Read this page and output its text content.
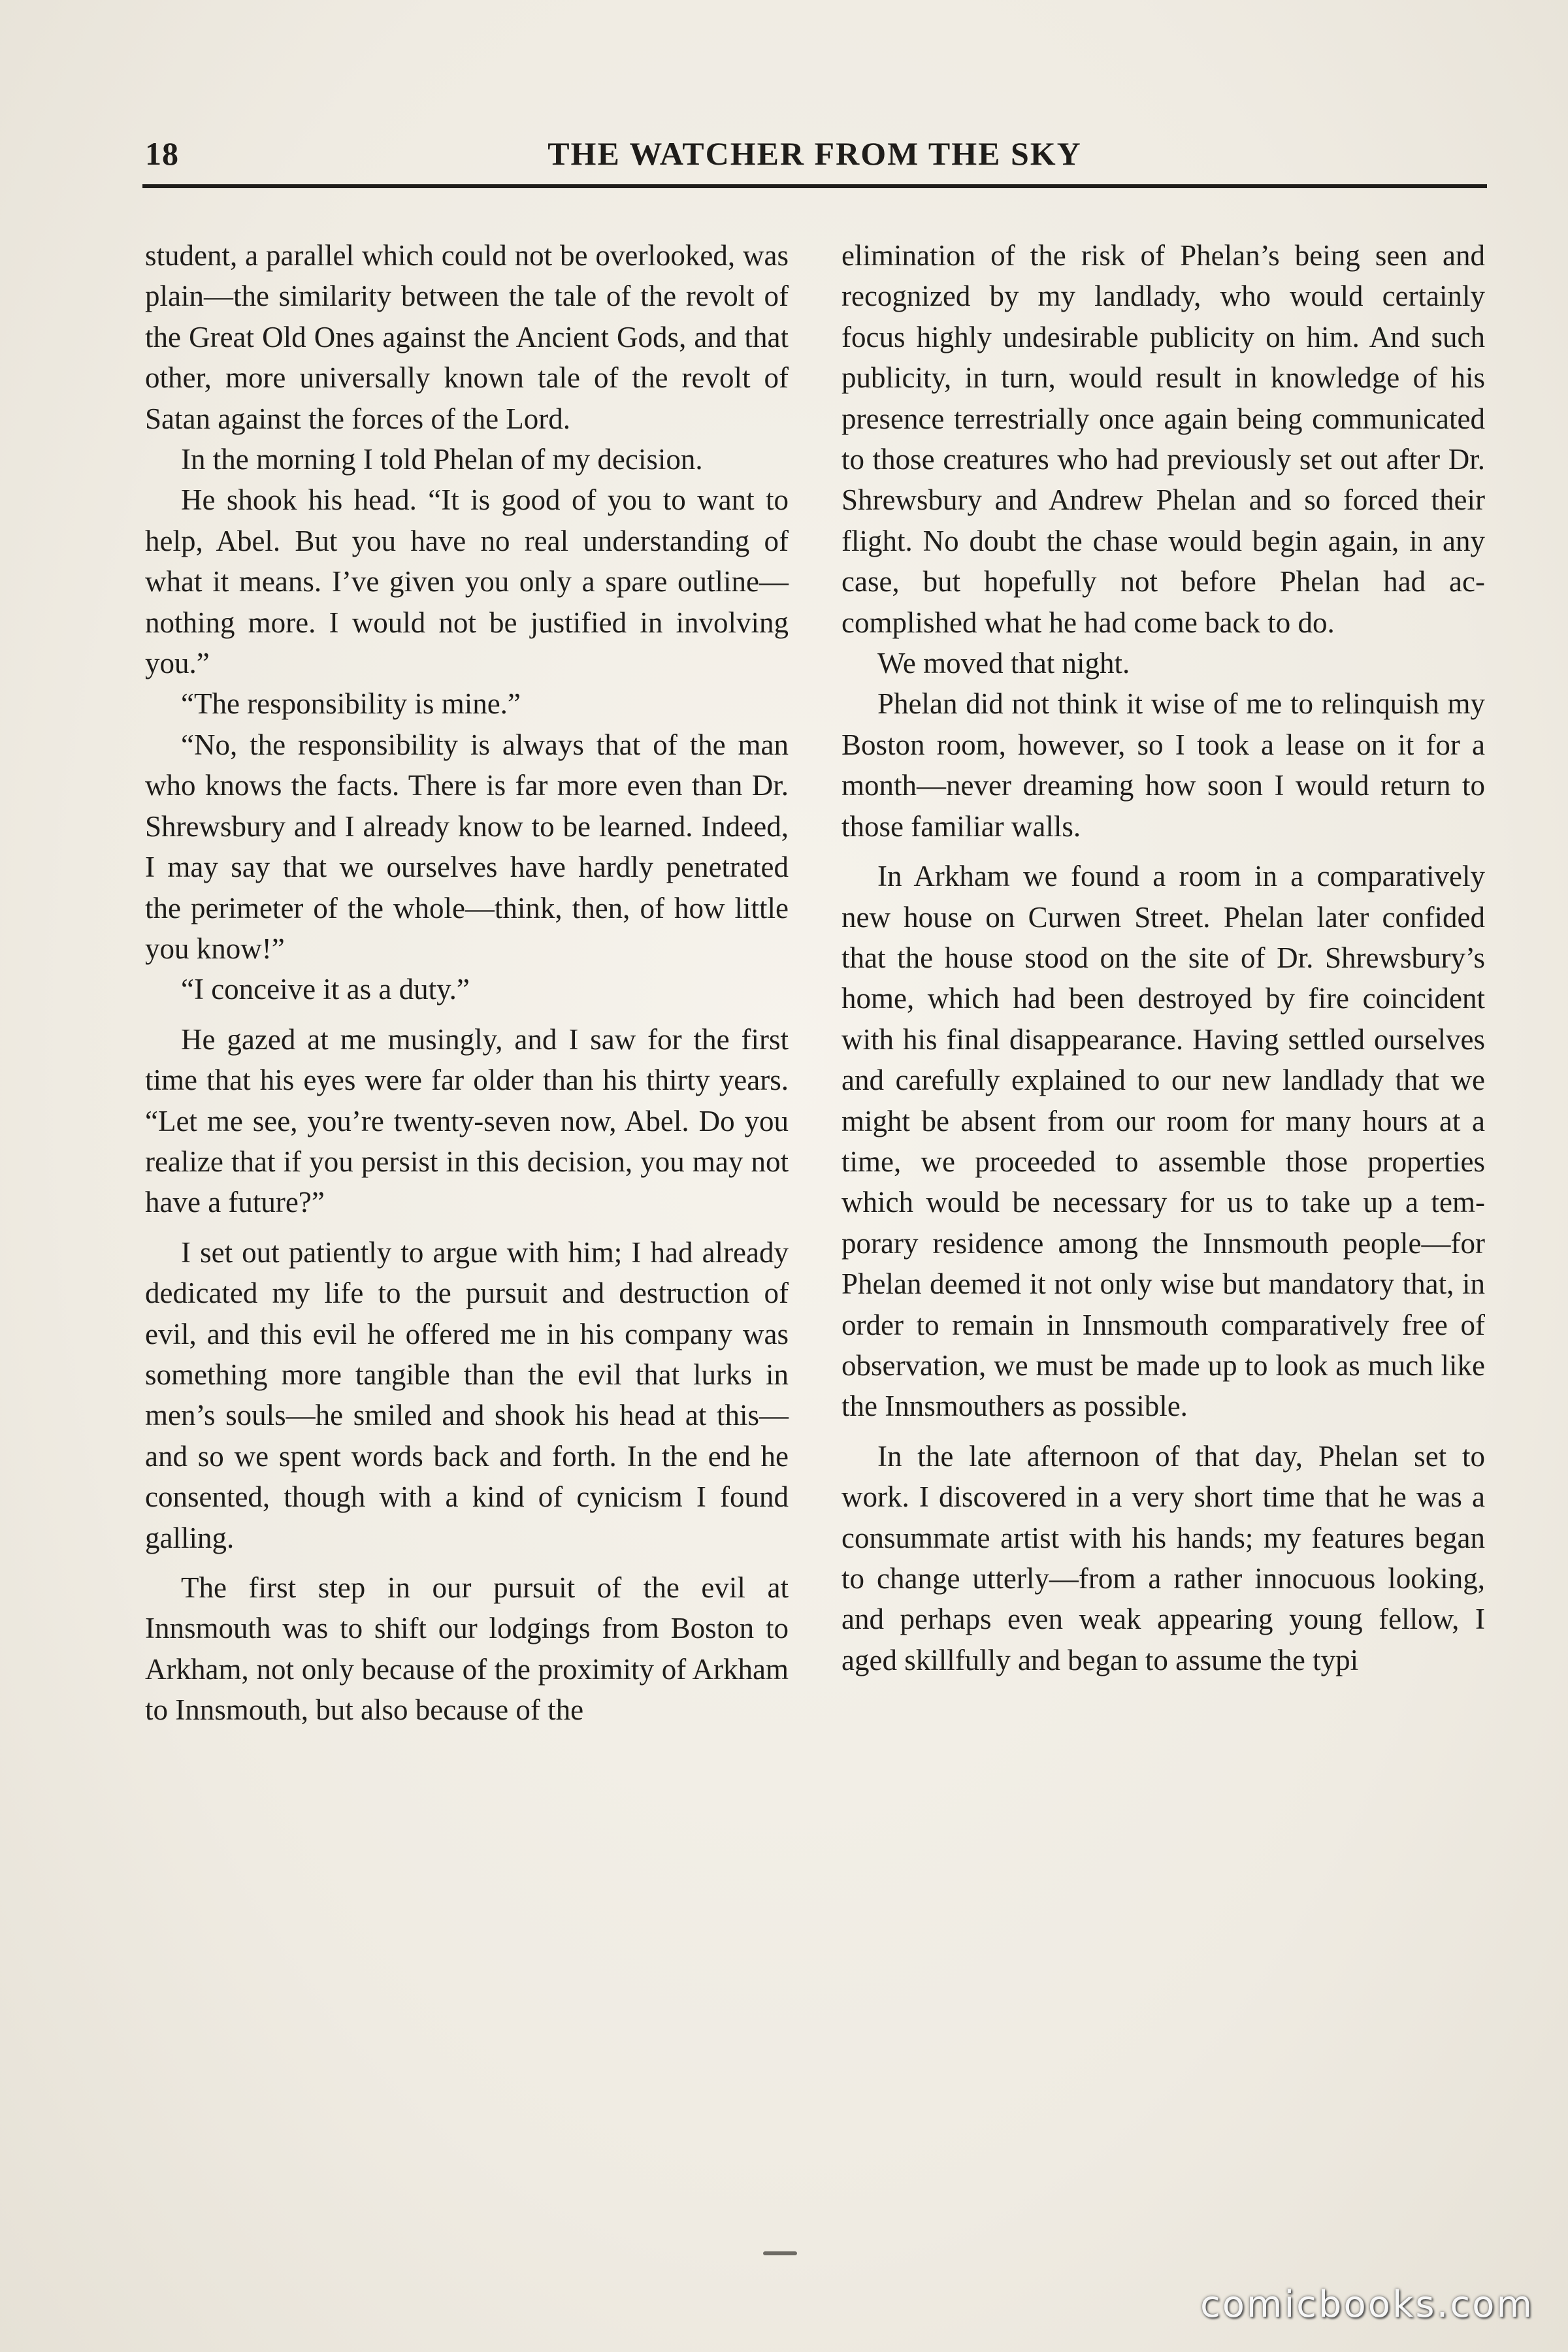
18	THE WATCHER FROM THE SKY

student, a parallel which could not be overlooked, was plain—the similarity between the tale of the revolt of the Great Old Ones against the Ancient Gods, and that other, more universally known tale of the revolt of Satan against the forces of the Lord.

In the morning I told Phelan of my decision.

He shook his head. “It is good of you to want to help, Abel. But you have no real understanding of what it means. I’ve given you only a spare outline—nothing more. I would not be justified in involving you.”

“The responsibility is mine.”

“No, the responsibility is always that of the man who knows the facts. There is far more even than Dr. Shrewsbury and I already know to be learned. Indeed, I may say that we ourselves have hardly penetrated the perimeter of the whole—think, then, of how little you know!”

“I conceive it as a duty.”

He gazed at me musingly, and I saw for the first time that his eyes were far older than his thirty years. “Let me see, you’re twenty-seven now, Abel. Do you realize that if you persist in this decision, you may not have a future?”

I set out patiently to argue with him; I had already dedicated my life to the pursuit and destruction of evil, and this evil he offered me in his company was something more tangible than the evil that lurks in men’s souls—he smiled and shook his head at this—and so we spent words back and forth. In the end he consented, though with a kind of cynicism I found galling.

The first step in our pursuit of the evil at Innsmouth was to shift our lodgings from Boston to Arkham, not only because of the proximity of Arkham to Innsmouth, but also because of the

elimination of the risk of Phelan’s being seen and recognized by my landlady, who would certainly focus highly undesirable publicity on him. And such publicity, in turn, would result in knowledge of his presence terrestrially once again being communicated to those creatures who had previously set out after Dr. Shrewsbury and Andrew Phelan and so forced their flight. No doubt the chase would begin again, in any case, but hopefully not before Phelan had accomplished what he had come back to do.

We moved that night.

Phelan did not think it wise of me to relinquish my Boston room, however, so I took a lease on it for a month—never dreaming how soon I would return to those familiar walls.

In Arkham we found a room in a comparatively new house on Curwen Street. Phelan later confided that the house stood on the site of Dr. Shrewsbury’s home, which had been destroyed by fire coincident with his final disappearance. Having settled ourselves and carefully explained to our new landlady that we might be absent from our room for many hours at a time, we proceeded to assemble those properties which would be necessary for us to take up a temporary residence among the Innsmouth people—for Phelan deemed it not only wise but mandatory that, in order to remain in Innsmouth comparatively free of observation, we must be made up to look as much like the Innsmouthers as possible.

In the late afternoon of that day, Phelan set to work. I discovered in a very short time that he was a consummate artist with his hands; my features began to change utterly—from a rather innocuous looking, and perhaps even weak appearing young fellow, I aged skillfully and began to assume the typi

comicbooks.com
